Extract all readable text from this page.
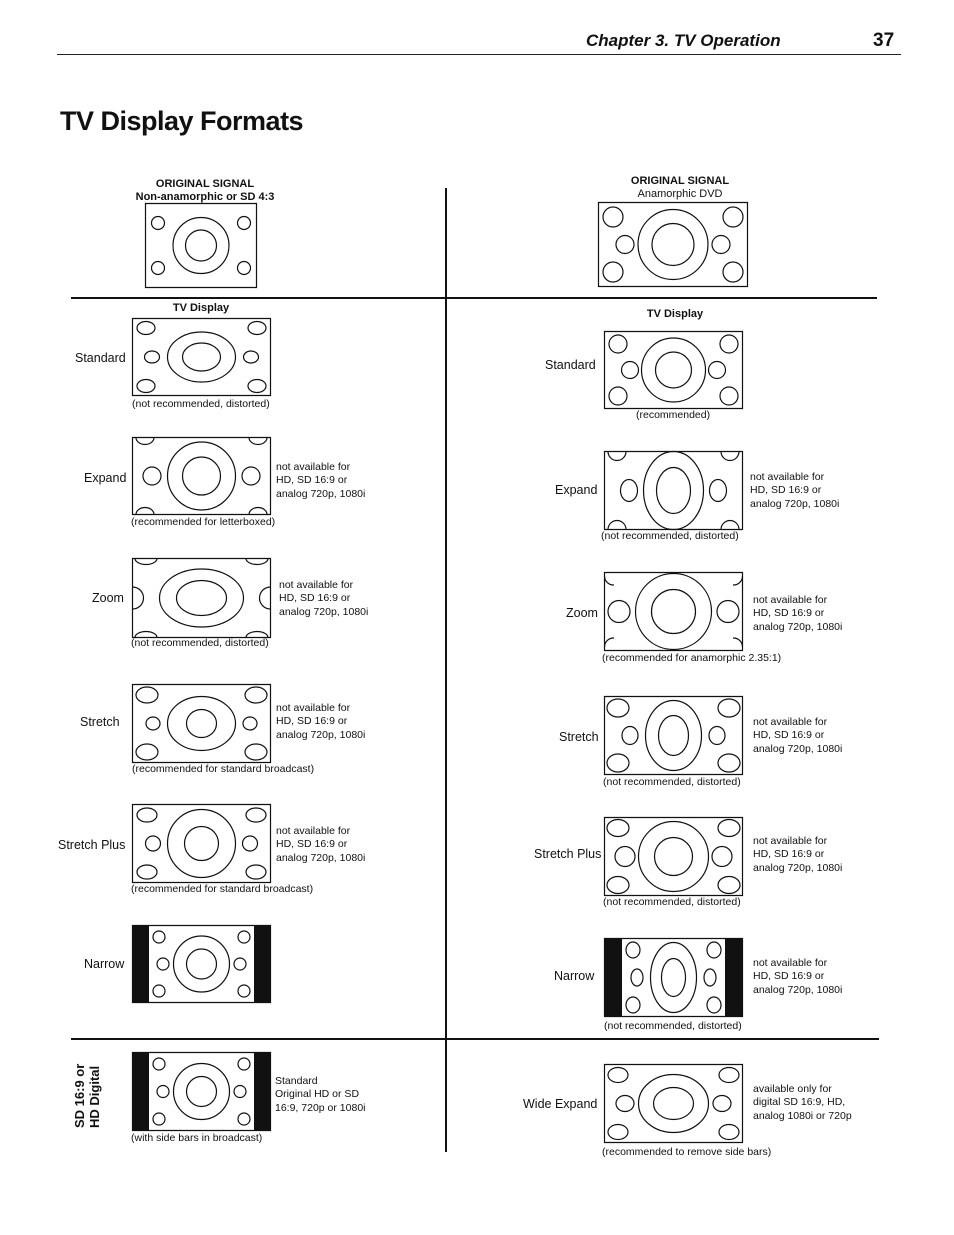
Chapter 3. TV Operation	37
TV Display Formats
ORIGINAL SIGNAL
Non-anamorphic or SD 4:3
TV Display
Standard
(not recommended, distorted)
Expand
not available for
HD, SD 16:9 or
analog 720p, 1080i
(recommended for letterboxed)
Zoom
not available for
HD, SD 16:9 or
analog 720p, 1080i
(not recommended, distorted)
Stretch
not available for
HD, SD 16:9 or
analog 720p, 1080i
(recommended for standard broadcast)
Stretch Plus
not available for
HD, SD 16:9 or
analog 720p, 1080i
(recommended for standard broadcast)
Narrow
SD 16:9 or HD Digital	Standard
Original HD or SD
16:9, 720p or 1080i
(with side bars in broadcast)
ORIGINAL SIGNAL
Anamorphic DVD
TV Display
Standard
(recommended)
Expand
not available for
HD, SD 16:9 or
analog 720p, 1080i
(not recommended, distorted)
Zoom
not available for
HD, SD 16:9 or
analog 720p, 1080i
(recommended for anamorphic 2.35:1)
Stretch
not available for
HD, SD 16:9 or
analog 720p, 1080i
(not recommended, distorted)
Stretch Plus
not available for
HD, SD 16:9 or
analog 720p, 1080i
(not recommended, distorted)
Narrow
not available for
HD, SD 16:9 or
analog 720p, 1080i
(not recommended, distorted)
Wide Expand
available only for
digital SD 16:9, HD,
analog 1080i or 720p
(recommended to remove side bars)
